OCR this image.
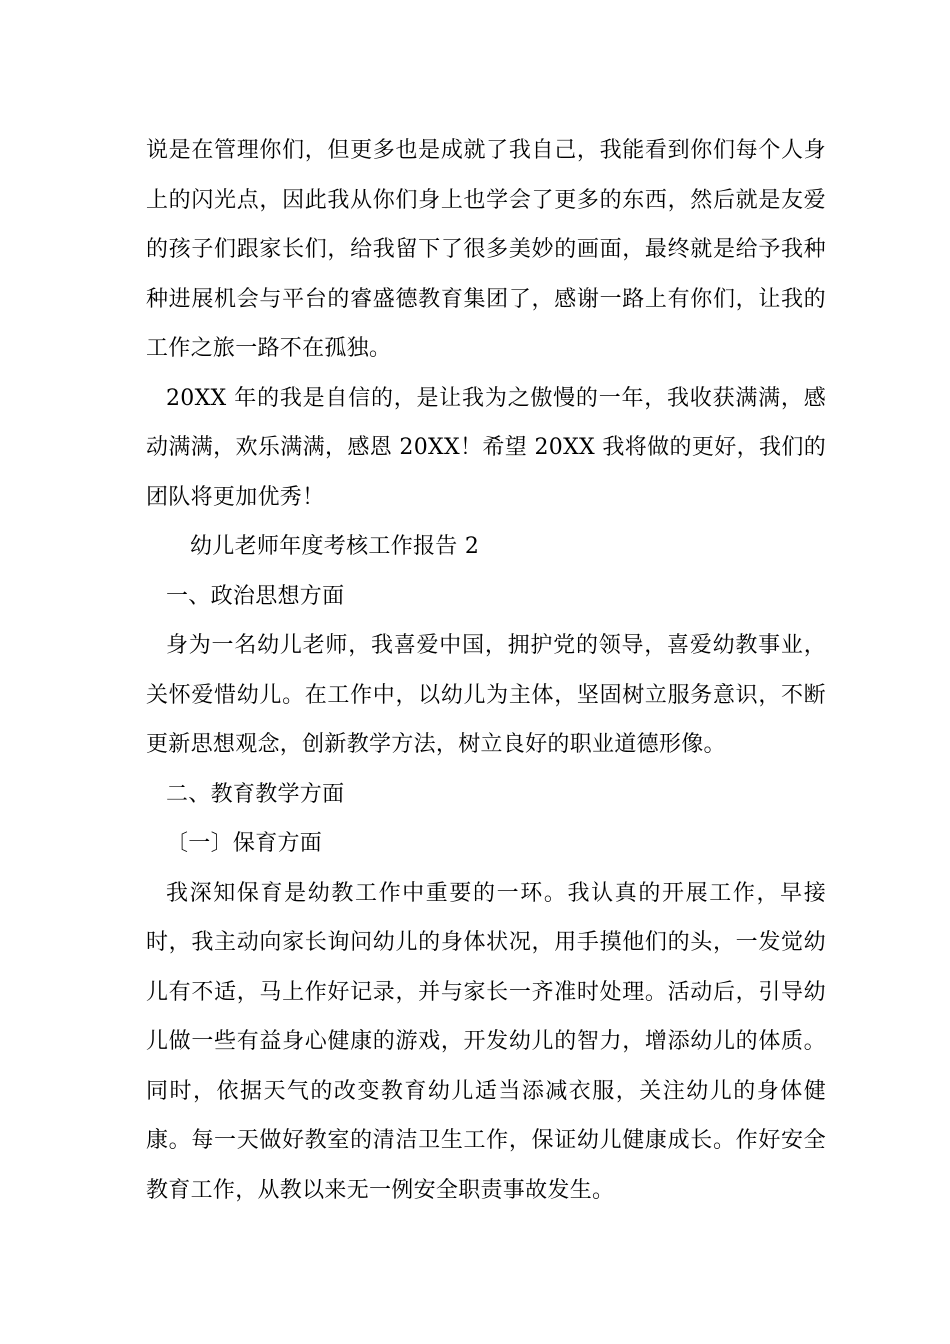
说是在管理你们，但更多也是成就了我自己，我能看到你们每个人身上的闪光点，因此我从你们身上也学会了更多的东西，然后就是友爱的孩子们跟家长们，给我留下了很多美妙的画面，最终就是给予我种种进展机会与平台的睿盛德教育集团了，感谢一路上有你们，让我的工作之旅一路不在孤独。

20XX 年的我是自信的，是让我为之傲慢的一年，我收获满满，感动满满，欢乐满满，感恩 20XX！希望 20XX 我将做的更好，我们的团队将更加优秀！

幼儿老师年度考核工作报告 2

一、政治思想方面

身为一名幼儿老师，我喜爱中国，拥护党的领导，喜爱幼教事业，关怀爱惜幼儿。在工作中，以幼儿为主体，坚固树立服务意识，不断更新思想观念，创新教学方法，树立良好的职业道德形像。

二、教育教学方面

〔一〕保育方面

我深知保育是幼教工作中重要的一环。我认真的开展工作，早接时，我主动向家长询问幼儿的身体状况，用手摸他们的头，一发觉幼儿有不适，马上作好记录，并与家长一齐准时处理。活动后，引导幼儿做一些有益身心健康的游戏，开发幼儿的智力，增添幼儿的体质。同时，依据天气的改变教育幼儿适当添减衣服，关注幼儿的身体健康。每一天做好教室的清洁卫生工作，保证幼儿健康成长。作好安全教育工作，从教以来无一例安全职责事故发生。
